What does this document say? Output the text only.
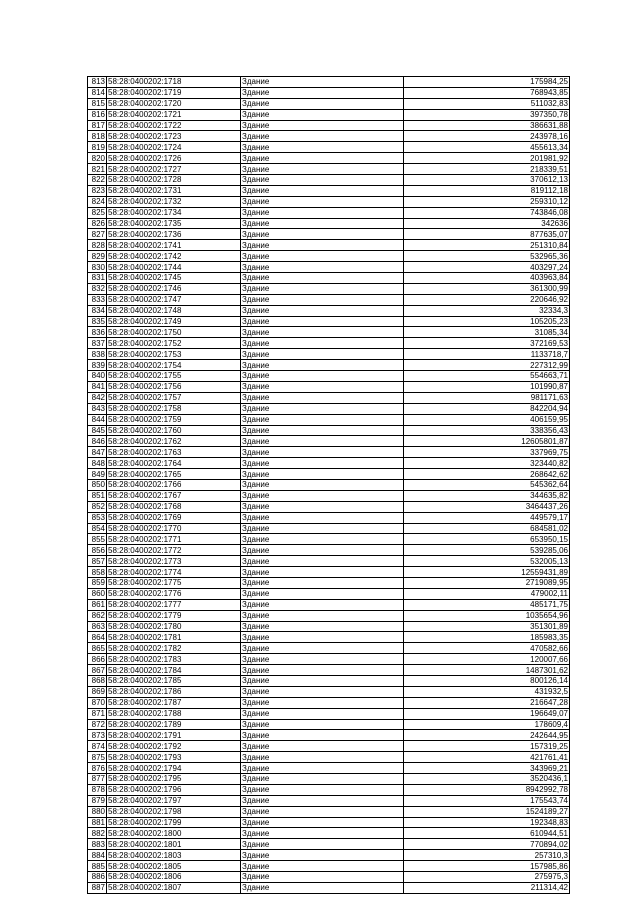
813	58:28:0400202:1718	Здание	175984,25
814	58:28:0400202:1719	Здание	768943,85
815	58:28:0400202:1720	Здание	511032,83
816	58:28:0400202:1721	Здание	397350,78
817	58:28:0400202:1722	Здание	386631,88
818	58:28:0400202:1723	Здание	243978,16
819	58:28:0400202:1724	Здание	455613,34
820	58:28:0400202:1726	Здание	201981,92
821	58:28:0400202:1727	Здание	218339,51
822	58:28:0400202:1728	Здание	370612,13
823	58:28:0400202:1731	Здание	819112,18
824	58:28:0400202:1732	Здание	259310,12
825	58:28:0400202:1734	Здание	743846,08
826	58:28:0400202:1735	Здание	342636
827	58:28:0400202:1736	Здание	877635,07
828	58:28:0400202:1741	Здание	251310,84
829	58:28:0400202:1742	Здание	532965,36
830	58:28:0400202:1744	Здание	403297,24
831	58:28:0400202:1745	Здание	403963,84
832	58:28:0400202:1746	Здание	361300,99
833	58:28:0400202:1747	Здание	220646,92
834	58:28:0400202:1748	Здание	32334,3
835	58:28:0400202:1749	Здание	105205,23
836	58:28:0400202:1750	Здание	31085,34
837	58:28:0400202:1752	Здание	372169,53
838	58:28:0400202:1753	Здание	1133718,7
839	58:28:0400202:1754	Здание	227312,99
840	58:28:0400202:1755	Здание	554663,71
841	58:28:0400202:1756	Здание	101990,87
842	58:28:0400202:1757	Здание	981171,63
843	58:28:0400202:1758	Здание	842204,94
844	58:28:0400202:1759	Здание	406159,95
845	58:28:0400202:1760	Здание	338356,43
846	58:28:0400202:1762	Здание	12605801,87
847	58:28:0400202:1763	Здание	337969,75
848	58:28:0400202:1764	Здание	323440,82
849	58:28:0400202:1765	Здание	268642,62
850	58:28:0400202:1766	Здание	545362,64
851	58:28:0400202:1767	Здание	344635,82
852	58:28:0400202:1768	Здание	3464437,26
853	58:28:0400202:1769	Здание	449579,17
854	58:28:0400202:1770	Здание	684581,02
855	58:28:0400202:1771	Здание	653950,15
856	58:28:0400202:1772	Здание	539285,06
857	58:28:0400202:1773	Здание	532005,13
858	58:28:0400202:1774	Здание	12559431,89
859	58:28:0400202:1775	Здание	2719089,95
860	58:28:0400202:1776	Здание	479002,11
861	58:28:0400202:1777	Здание	485171,75
862	58:28:0400202:1779	Здание	1035654,96
863	58:28:0400202:1780	Здание	351301,89
864	58:28:0400202:1781	Здание	185983,35
865	58:28:0400202:1782	Здание	470582,66
866	58:28:0400202:1783	Здание	120007,66
867	58:28:0400202:1784	Здание	1487301,62
868	58:28:0400202:1785	Здание	800126,14
869	58:28:0400202:1786	Здание	431932,5
870	58:28:0400202:1787	Здание	216647,28
871	58:28:0400202:1788	Здание	196649,07
872	58:28:0400202:1789	Здание	178609,4
873	58:28:0400202:1791	Здание	242644,95
874	58:28:0400202:1792	Здание	157319,25
875	58:28:0400202:1793	Здание	421761,41
876	58:28:0400202:1794	Здание	343969,21
877	58:28:0400202:1795	Здание	3520436,1
878	58:28:0400202:1796	Здание	8942992,78
879	58:28:0400202:1797	Здание	175543,74
880	58:28:0400202:1798	Здание	1524189,27
881	58:28:0400202:1799	Здание	192348,83
882	58:28:0400202:1800	Здание	610944,51
883	58:28:0400202:1801	Здание	770894,02
884	58:28:0400202:1803	Здание	257310,3
885	58:28:0400202:1805	Здание	157985,86
886	58:28:0400202:1806	Здание	275975,3
887	58:28:0400202:1807	Здание	211314,42
